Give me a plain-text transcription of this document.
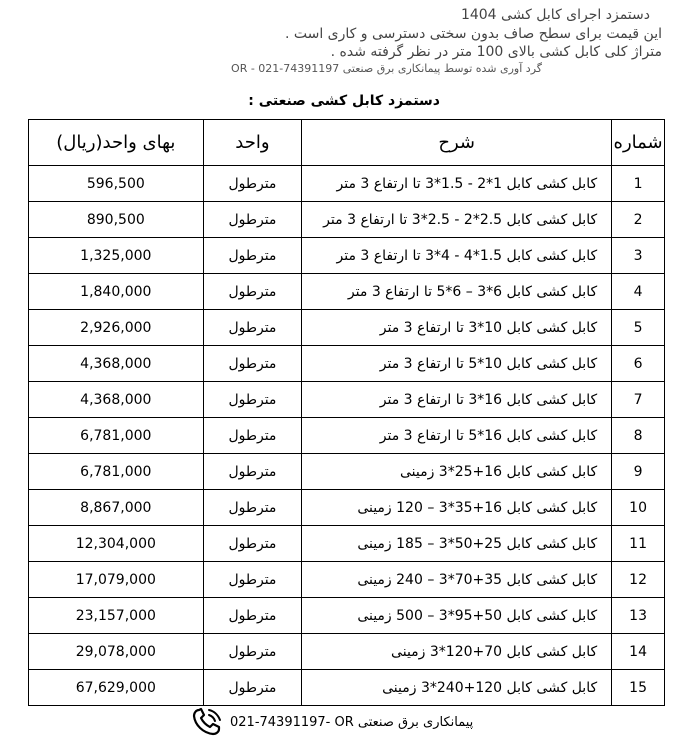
دستمزد اجرای کابل کشی 1404
این قیمت برای سطح صاف بدون سختی دسترسی و کاری است .
متراژ کلی کابل کشی بالای 100 متر در نظر گرفته شده .
گرد آوری شده توسط پیمانکاری برق صنعتی OR - 021-74391197
دستمزد کابل کشی صنعتی :
شماره	شرح	واحد	بهای واحد(ریال)
1	کابل کشی کابل 1*2 - 1.5*3 تا ارتفاع 3 متر	مترطول	596,500
2	کابل کشی کابل 2.5*2 - 2.5*3 تا ارتفاع 3 متر	مترطول	890,500
3	کابل کشی کابل 1.5*4 - 4*3 تا ارتفاع 3 متر	مترطول	1,325,000
4	کابل کشی کابل 6*3 – 6*5 تا ارتفاع 3 متر	مترطول	1,840,000
5	کابل کشی کابل 10*3 تا ارتفاع 3 متر	مترطول	2,926,000
6	کابل کشی کابل 10*5 تا ارتفاع 3 متر	مترطول	4,368,000
7	کابل کشی کابل 16*3 تا ارتفاع 3 متر	مترطول	4,368,000
8	کابل کشی کابل 16*5 تا ارتفاع 3 متر	مترطول	6,781,000
9	کابل کشی کابل 16+25*3 زمینی	مترطول	6,781,000
10	کابل کشی کابل 16+35*3 – 120 زمینی	مترطول	8,867,000
11	کابل کشی کابل 25+50*3 – 185 زمینی	مترطول	12,304,000
12	کابل کشی کابل 35+70*3 – 240 زمینی	مترطول	17,079,000
13	کابل کشی کابل 50+95*3 – 500 زمینی	مترطول	23,157,000
14	کابل کشی کابل 70+120*3 زمینی	مترطول	29,078,000
15	کابل کشی کابل 120+240*3 زمینی	مترطول	67,629,000
021-74391197- OR پیمانکاری برق صنعتی
